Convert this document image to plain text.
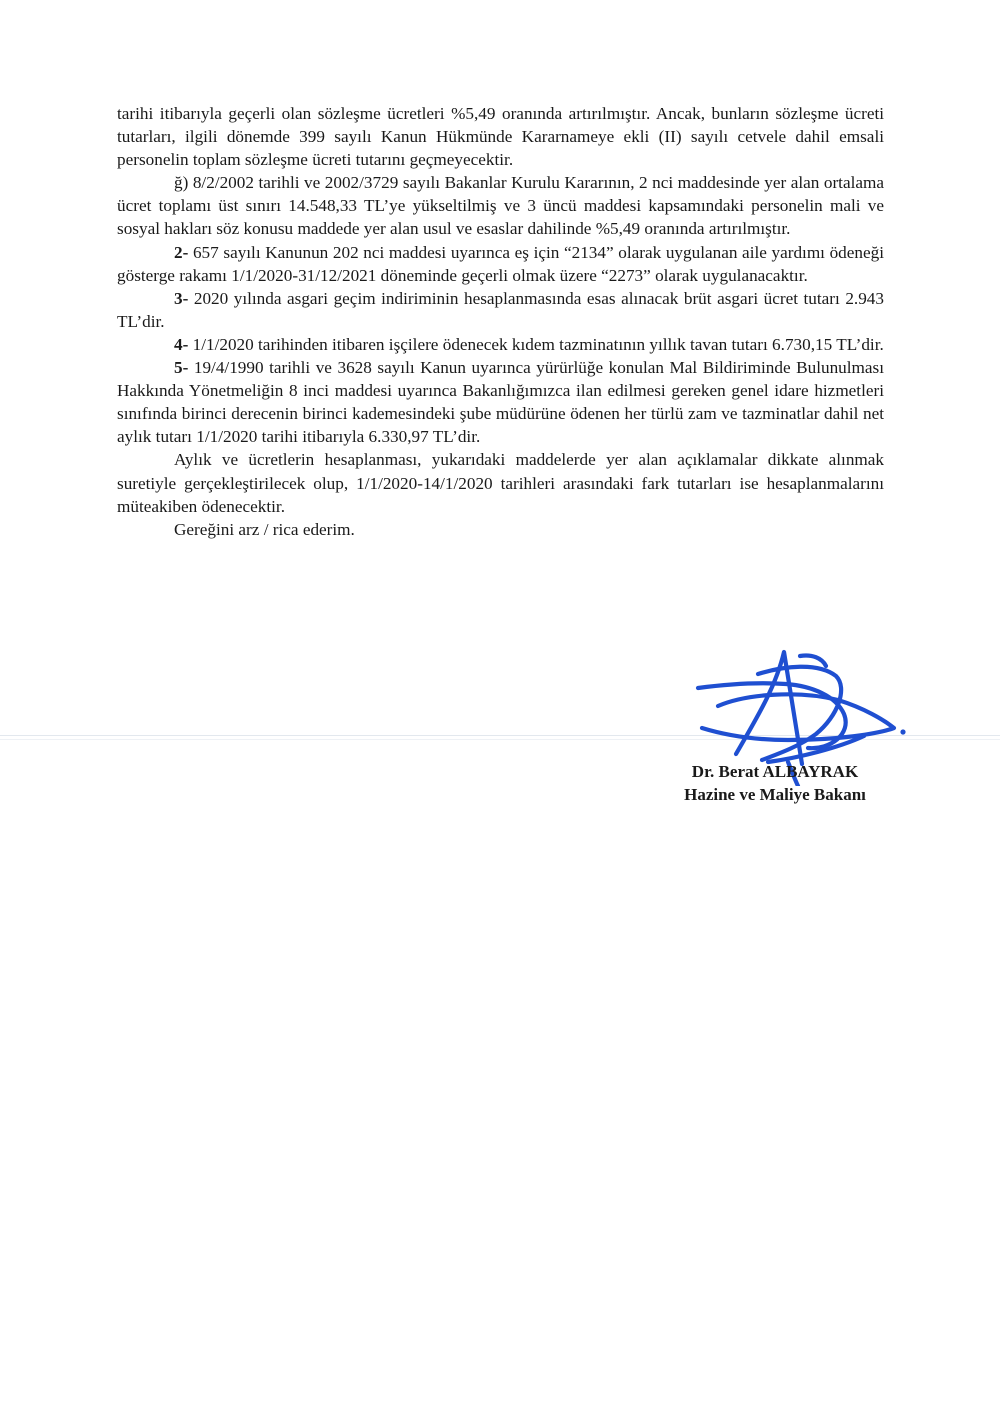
tarihi itibarıyla geçerli olan sözleşme ücretleri %5,49 oranında artırılmıştır. Ancak, bunların sözleşme ücreti tutarları, ilgili dönemde 399 sayılı Kanun Hükmünde Kararnameye ekli (II) sayılı cetvele dahil emsali personelin toplam sözleşme ücreti tutarını geçmeyecektir.

ğ) 8/2/2002 tarihli ve 2002/3729 sayılı Bakanlar Kurulu Kararının, 2 nci maddesinde yer alan ortalama ücret toplamı üst sınırı 14.548,33 TL’ye yükseltilmiş ve 3 üncü maddesi kapsamındaki personelin mali ve sosyal hakları söz konusu maddede yer alan usul ve esaslar dahilinde %5,49 oranında artırılmıştır.

2- 657 sayılı Kanunun 202 nci maddesi uyarınca eş için “2134” olarak uygulanan aile yardımı ödeneği gösterge rakamı 1/1/2020-31/12/2021 döneminde geçerli olmak üzere “2273” olarak uygulanacaktır.

3- 2020 yılında asgari geçim indiriminin hesaplanmasında esas alınacak brüt asgari ücret tutarı 2.943 TL’dir.

4- 1/1/2020 tarihinden itibaren işçilere ödenecek kıdem tazminatının yıllık tavan tutarı 6.730,15 TL’dir.

5- 19/4/1990 tarihli ve 3628 sayılı Kanun uyarınca yürürlüğe konulan Mal Bildiriminde Bulunulması Hakkında Yönetmeliğin 8 inci maddesi uyarınca Bakanlığımızca ilan edilmesi gereken genel idare hizmetleri sınıfında birinci derecenin birinci kademesindeki şube müdürüne ödenen her türlü zam ve tazminatlar dahil net aylık tutarı 1/1/2020 tarihi itibarıyla 6.330,97 TL’dir.

Aylık ve ücretlerin hesaplanması, yukarıdaki maddelerde yer alan açıklamalar dikkate alınmak suretiyle gerçekleştirilecek olup, 1/1/2020-14/1/2020 tarihleri arasındaki fark tutarları ise hesaplanmalarını müteakiben ödenecektir.

Gereğini arz / rica ederim.

Dr. Berat ALBAYRAK
Hazine ve Maliye Bakanı
